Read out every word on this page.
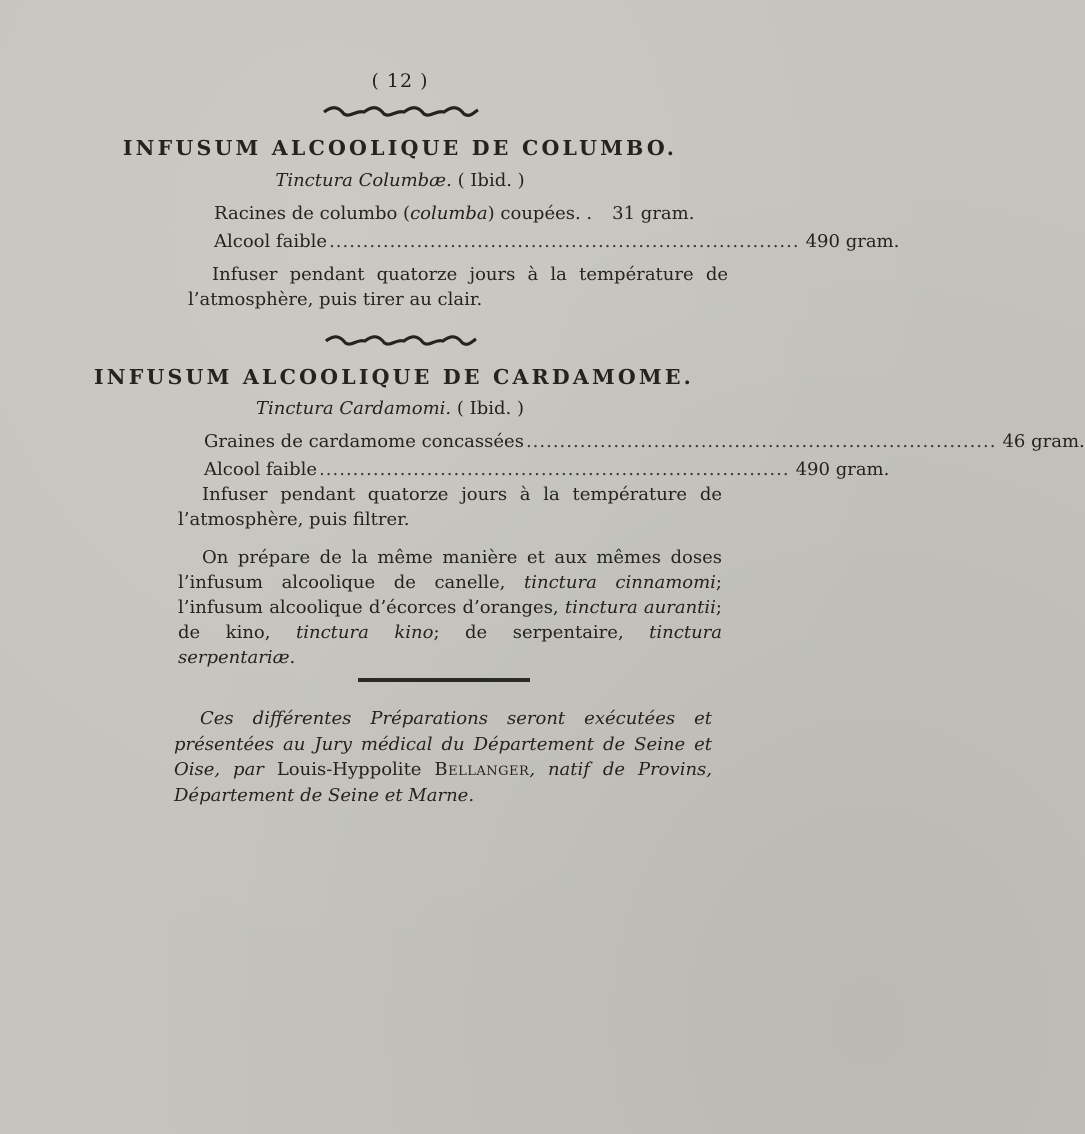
( 12 )
INFUSUM ALCOOLIQUE DE COLUMBO.
Tinctura Columbæ. ( Ibid. )
Racines de columbo (columba) coupées. . 31 gram.
Alcool faible ...................................................................... 490 gram.
Infuser pendant quatorze jours à la température de l’atmosphère, puis tirer au clair.
INFUSUM ALCOOLIQUE DE CARDAMOME.
Tinctura Cardamomi. ( Ibid. )
Graines de cardamome concassées ...................................................................... 46 gram.
Alcool faible ...................................................................... 490 gram.
Infuser pendant quatorze jours à la température de l’atmosphère, puis filtrer.
On prépare de la même manière et aux mêmes doses l’infusum alcoolique de canelle, tinctura cinnamomi; l’infusum alcoolique d’écorces d’oranges, tinctura aurantii; de kino, tinctura kino; de serpentaire, tinctura serpentariæ.
Ces différentes Préparations seront exécutées et présentées au Jury médical du Département de Seine et Oise, par Louis-Hyppolite Bellanger, natif de Provins, Département de Seine et Marne.
